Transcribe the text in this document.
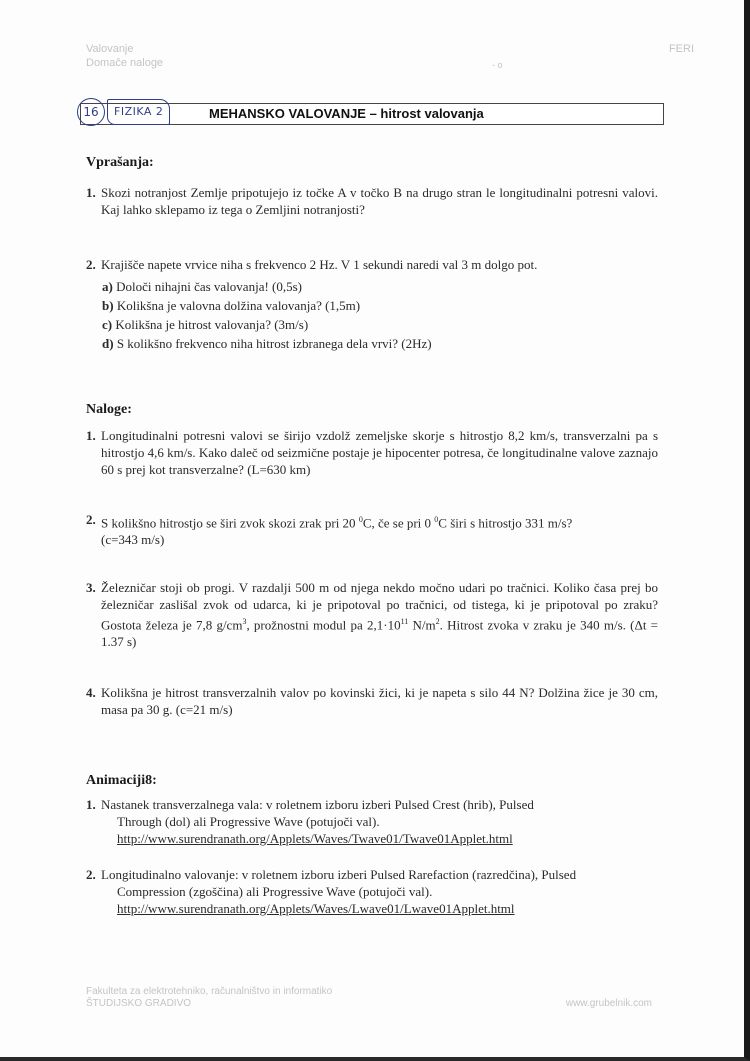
Valovanje
Domače naloge	- o
FERI
16	FIZIKA 2	MEHANSKO VALOVANJE – hitrost valovanja
Vprašanja:
1. Skozi notranjost Zemlje pripotujejo iz točke A v točko B na drugo stran le longitudinalni potresni valovi. Kaj lahko sklepamo iz tega o Zemljini notranjosti?
2. Krajišče napete vrvice niha s frekvenco 2 Hz. V 1 sekundi naredi val 3 m dolgo pot.
a) Določi nihajni čas valovanja! (0,5s)
b) Kolikšna je valovna dolžina valovanja? (1,5m)
c) Kolikšna je hitrost valovanja? (3m/s)
d) S kolikšno frekvenco niha hitrost izbranega dela vrvi? (2Hz)
Naloge:
1. Longitudinalni potresni valovi se širijo vzdolž zemeljske skorje s hitrostjo 8,2 km/s, transverzalni pa s hitrostjo 4,6 km/s. Kako daleč od seizmične postaje je hipocenter potresa, če longitudinalne valove zaznajo 60 s prej kot transverzalne? (L=630 km)
2. S kolikšno hitrostjo se širi zvok skozi zrak pri 20 $^0$C, če se pri 0 $^0$C širi s hitrostjo 331 m/s?
(c=343 m/s)
3. Železničar stoji ob progi. V razdalji 500 m od njega nekdo močno udari po tračnici. Koliko časa prej bo železničar zaslišal zvok od udarca, ki je pripotoval po tračnici, od tistega, ki je pripotoval po zraku? Gostota železa je 7,8 $g/cm^3$, prožnostni modul pa $2,1\cdot 10^{11}$ $N/m^2$. Hitrost zvoka v zraku je 340 m/s. (Δt = 1.37 s)
4. Kolikšna je hitrost transverzalnih valov po kovinski žici, ki je napeta s silo 44 N? Dolžina žice je 30 cm, masa pa 30 g. (c=21 m/s)
Animaciji8:
1. Nastanek transverzalnega vala: v roletnem izboru izberi Pulsed Crest (hrib), Pulsed
Through (dol) ali Progressive Wave (potujoči val).
http://www.surendranath.org/Applets/Waves/Twave01/Twave01Applet.html
2. Longitudinalno valovanje: v roletnem izboru izberi Pulsed Rarefaction (razredčina), Pulsed
Compression (zgoščina) ali Progressive Wave (potujoči val).
http://www.surendranath.org/Applets/Waves/Lwave01/Lwave01Applet.html
Fakulteta za elektrotehniko, računalništvo in informatiko
ŠTUDIJSKO GRADIVO	www.grubelnik.com
